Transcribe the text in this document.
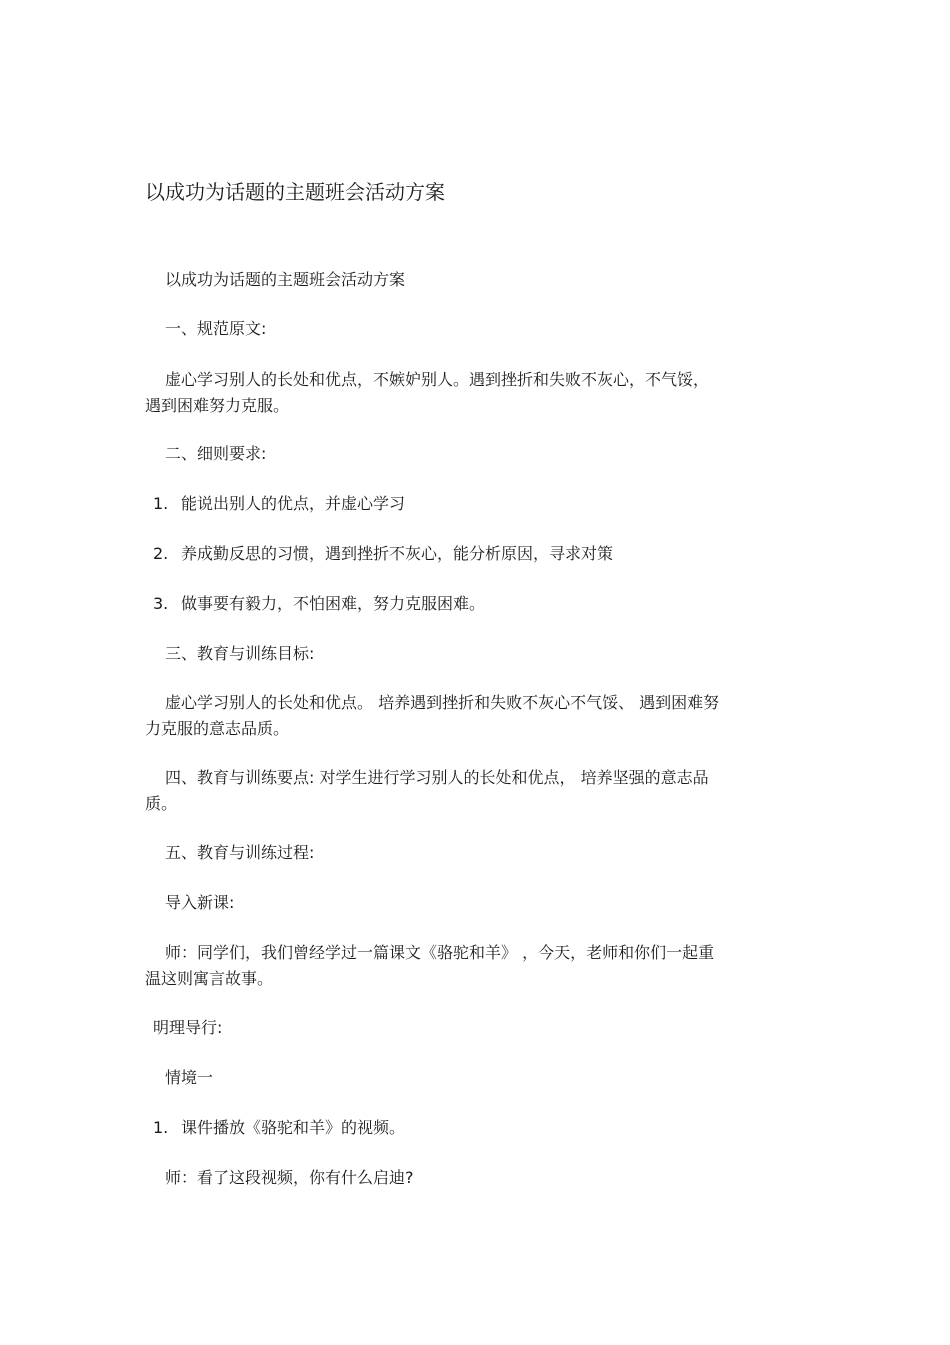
以成功为话题的主题班会活动方案
以成功为话题的主题班会活动方案
一、规范原文:
虚心学习别人的长处和优点，不嫉妒别人。遇到挫折和失败不灰心，不气馁，
遇到困难努力克服。
二、细则要求:
1. 能说出别人的优点，并虚心学习
2. 养成勤反思的习惯，遇到挫折不灰心，能分析原因，寻求对策
3. 做事要有毅力，不怕困难，努力克服困难。
三、教育与训练目标:
虚心学习别人的长处和优点。 培养遇到挫折和失败不灰心不气馁、 遇到困难努
力克服的意志品质。
四、教育与训练要点: 对学生进行学习别人的长处和优点， 培养坚强的意志品
质。
五、教育与训练过程:
导入新课:
师：同学们，我们曾经学过一篇课文《骆驼和羊》 ，今天，老师和你们一起重
温这则寓言故事。
明理导行:
情境一
1. 课件播放《骆驼和羊》的视频。
师：看了这段视频，你有什么启迪?
